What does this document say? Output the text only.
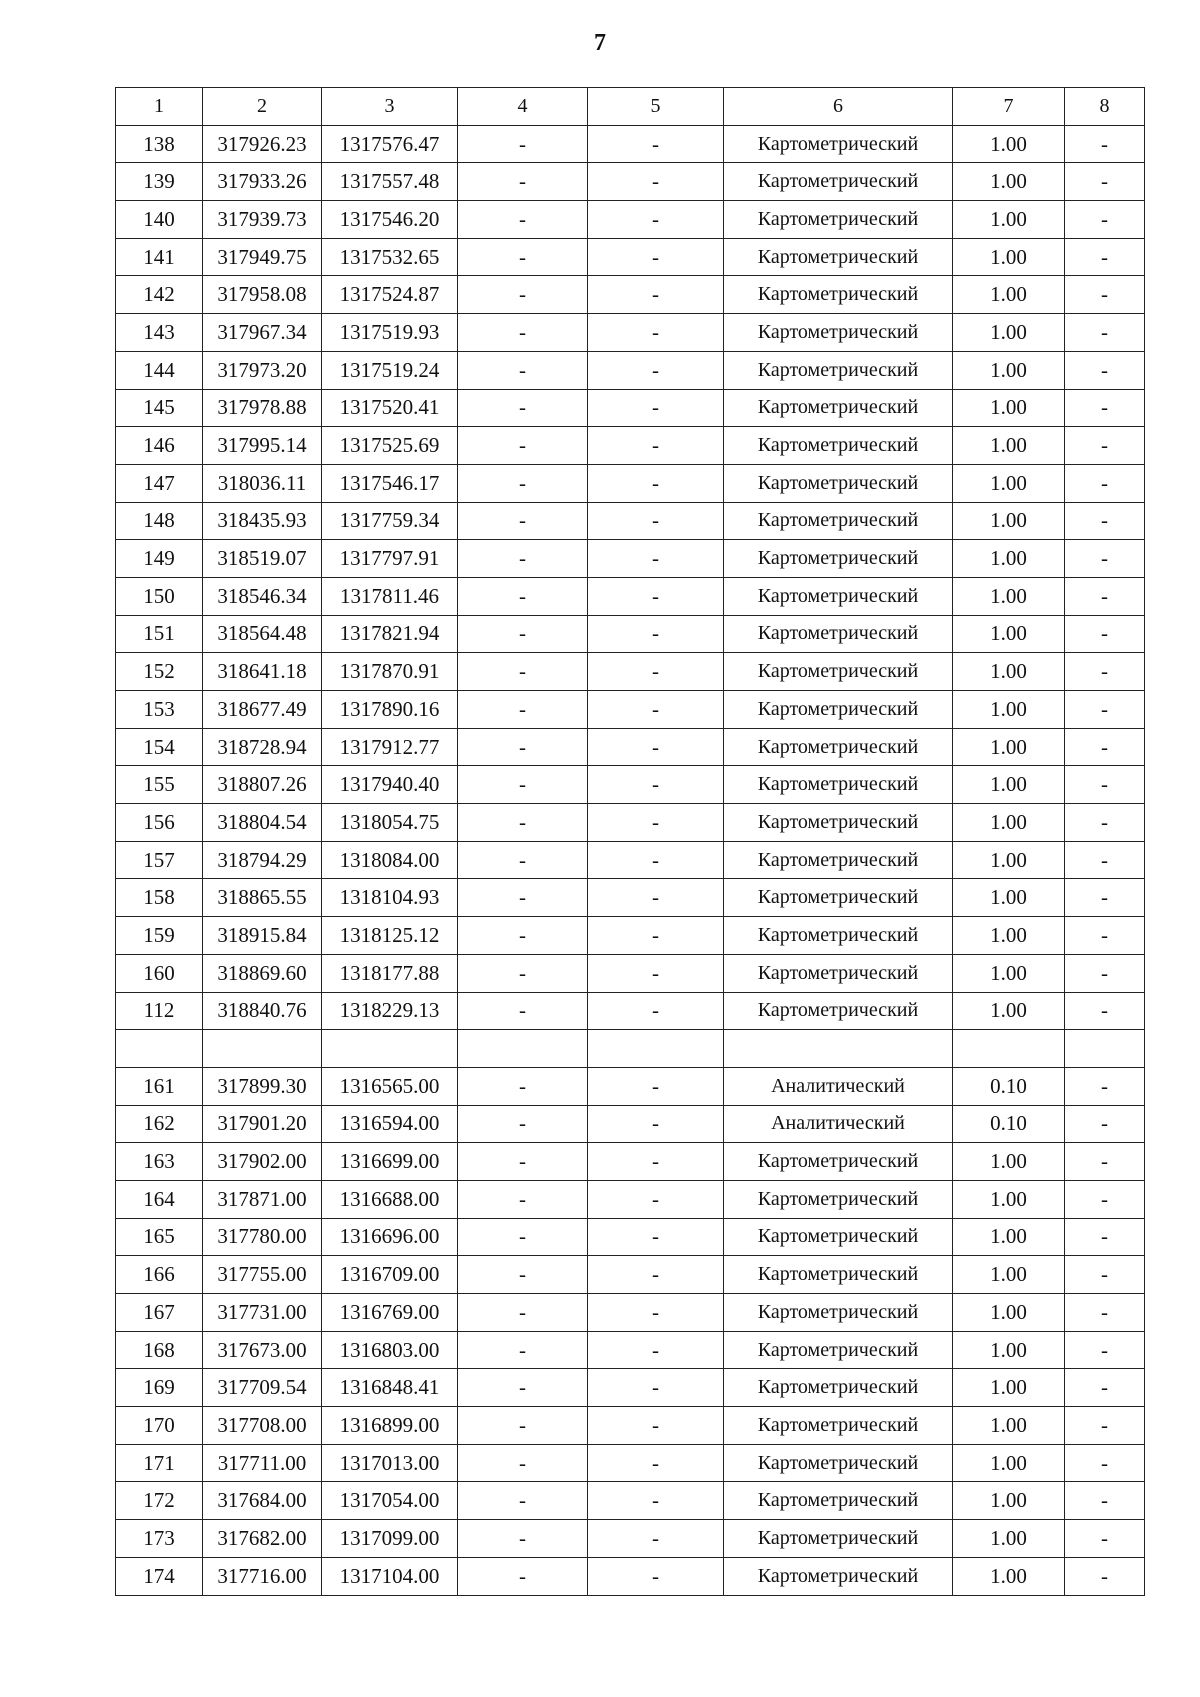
7
1	2	3	4	5	6	7	8
138	317926.23	1317576.47	-	-	Картометрический	1.00	-
139	317933.26	1317557.48	-	-	Картометрический	1.00	-
140	317939.73	1317546.20	-	-	Картометрический	1.00	-
141	317949.75	1317532.65	-	-	Картометрический	1.00	-
142	317958.08	1317524.87	-	-	Картометрический	1.00	-
143	317967.34	1317519.93	-	-	Картометрический	1.00	-
144	317973.20	1317519.24	-	-	Картометрический	1.00	-
145	317978.88	1317520.41	-	-	Картометрический	1.00	-
146	317995.14	1317525.69	-	-	Картометрический	1.00	-
147	318036.11	1317546.17	-	-	Картометрический	1.00	-
148	318435.93	1317759.34	-	-	Картометрический	1.00	-
149	318519.07	1317797.91	-	-	Картометрический	1.00	-
150	318546.34	1317811.46	-	-	Картометрический	1.00	-
151	318564.48	1317821.94	-	-	Картометрический	1.00	-
152	318641.18	1317870.91	-	-	Картометрический	1.00	-
153	318677.49	1317890.16	-	-	Картометрический	1.00	-
154	318728.94	1317912.77	-	-	Картометрический	1.00	-
155	318807.26	1317940.40	-	-	Картометрический	1.00	-
156	318804.54	1318054.75	-	-	Картометрический	1.00	-
157	318794.29	1318084.00	-	-	Картометрический	1.00	-
158	318865.55	1318104.93	-	-	Картометрический	1.00	-
159	318915.84	1318125.12	-	-	Картометрический	1.00	-
160	318869.60	1318177.88	-	-	Картометрический	1.00	-
112	318840.76	1318229.13	-	-	Картометрический	1.00	-

161	317899.30	1316565.00	-	-	Аналитический	0.10	-
162	317901.20	1316594.00	-	-	Аналитический	0.10	-
163	317902.00	1316699.00	-	-	Картометрический	1.00	-
164	317871.00	1316688.00	-	-	Картометрический	1.00	-
165	317780.00	1316696.00	-	-	Картометрический	1.00	-
166	317755.00	1316709.00	-	-	Картометрический	1.00	-
167	317731.00	1316769.00	-	-	Картометрический	1.00	-
168	317673.00	1316803.00	-	-	Картометрический	1.00	-
169	317709.54	1316848.41	-	-	Картометрический	1.00	-
170	317708.00	1316899.00	-	-	Картометрический	1.00	-
171	317711.00	1317013.00	-	-	Картометрический	1.00	-
172	317684.00	1317054.00	-	-	Картометрический	1.00	-
173	317682.00	1317099.00	-	-	Картометрический	1.00	-
174	317716.00	1317104.00	-	-	Картометрический	1.00	-
